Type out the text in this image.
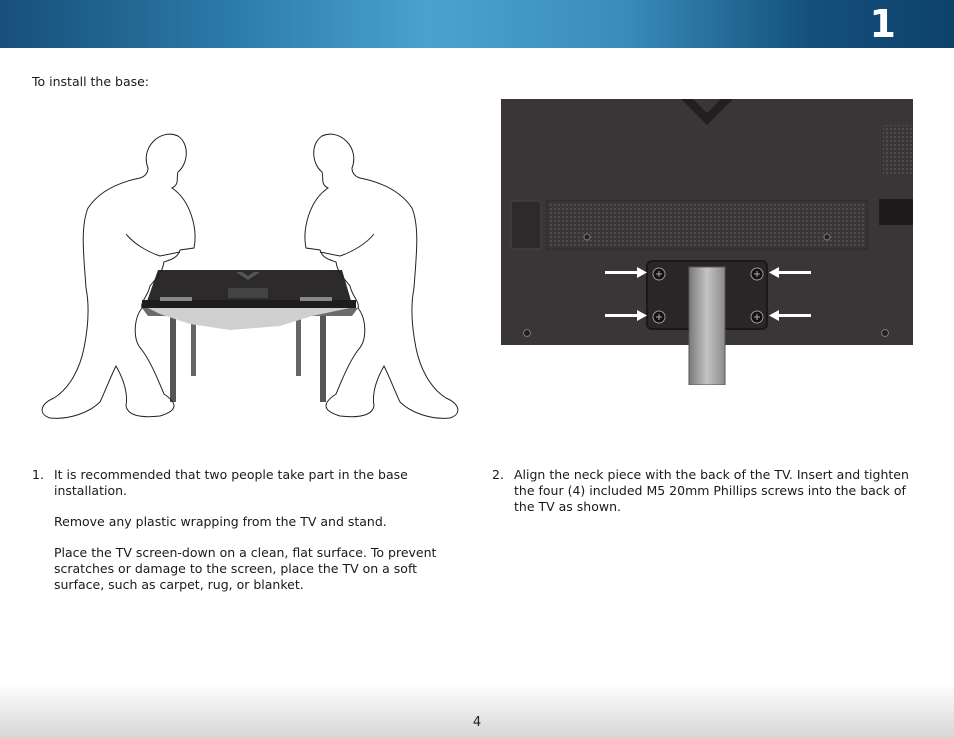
1
To install the base:
1. It is recommended that two people take part in the base installation.

Remove any plastic wrapping from the TV and stand.

Place the TV screen-down on a clean, flat surface. To prevent scratches or damage to the screen, place the TV on a soft surface, such as carpet, rug, or blanket.

2. Align the neck piece with the back of the TV. Insert and tighten the four (4) included M5 20mm Phillips screws into the back of the TV as shown.

4
